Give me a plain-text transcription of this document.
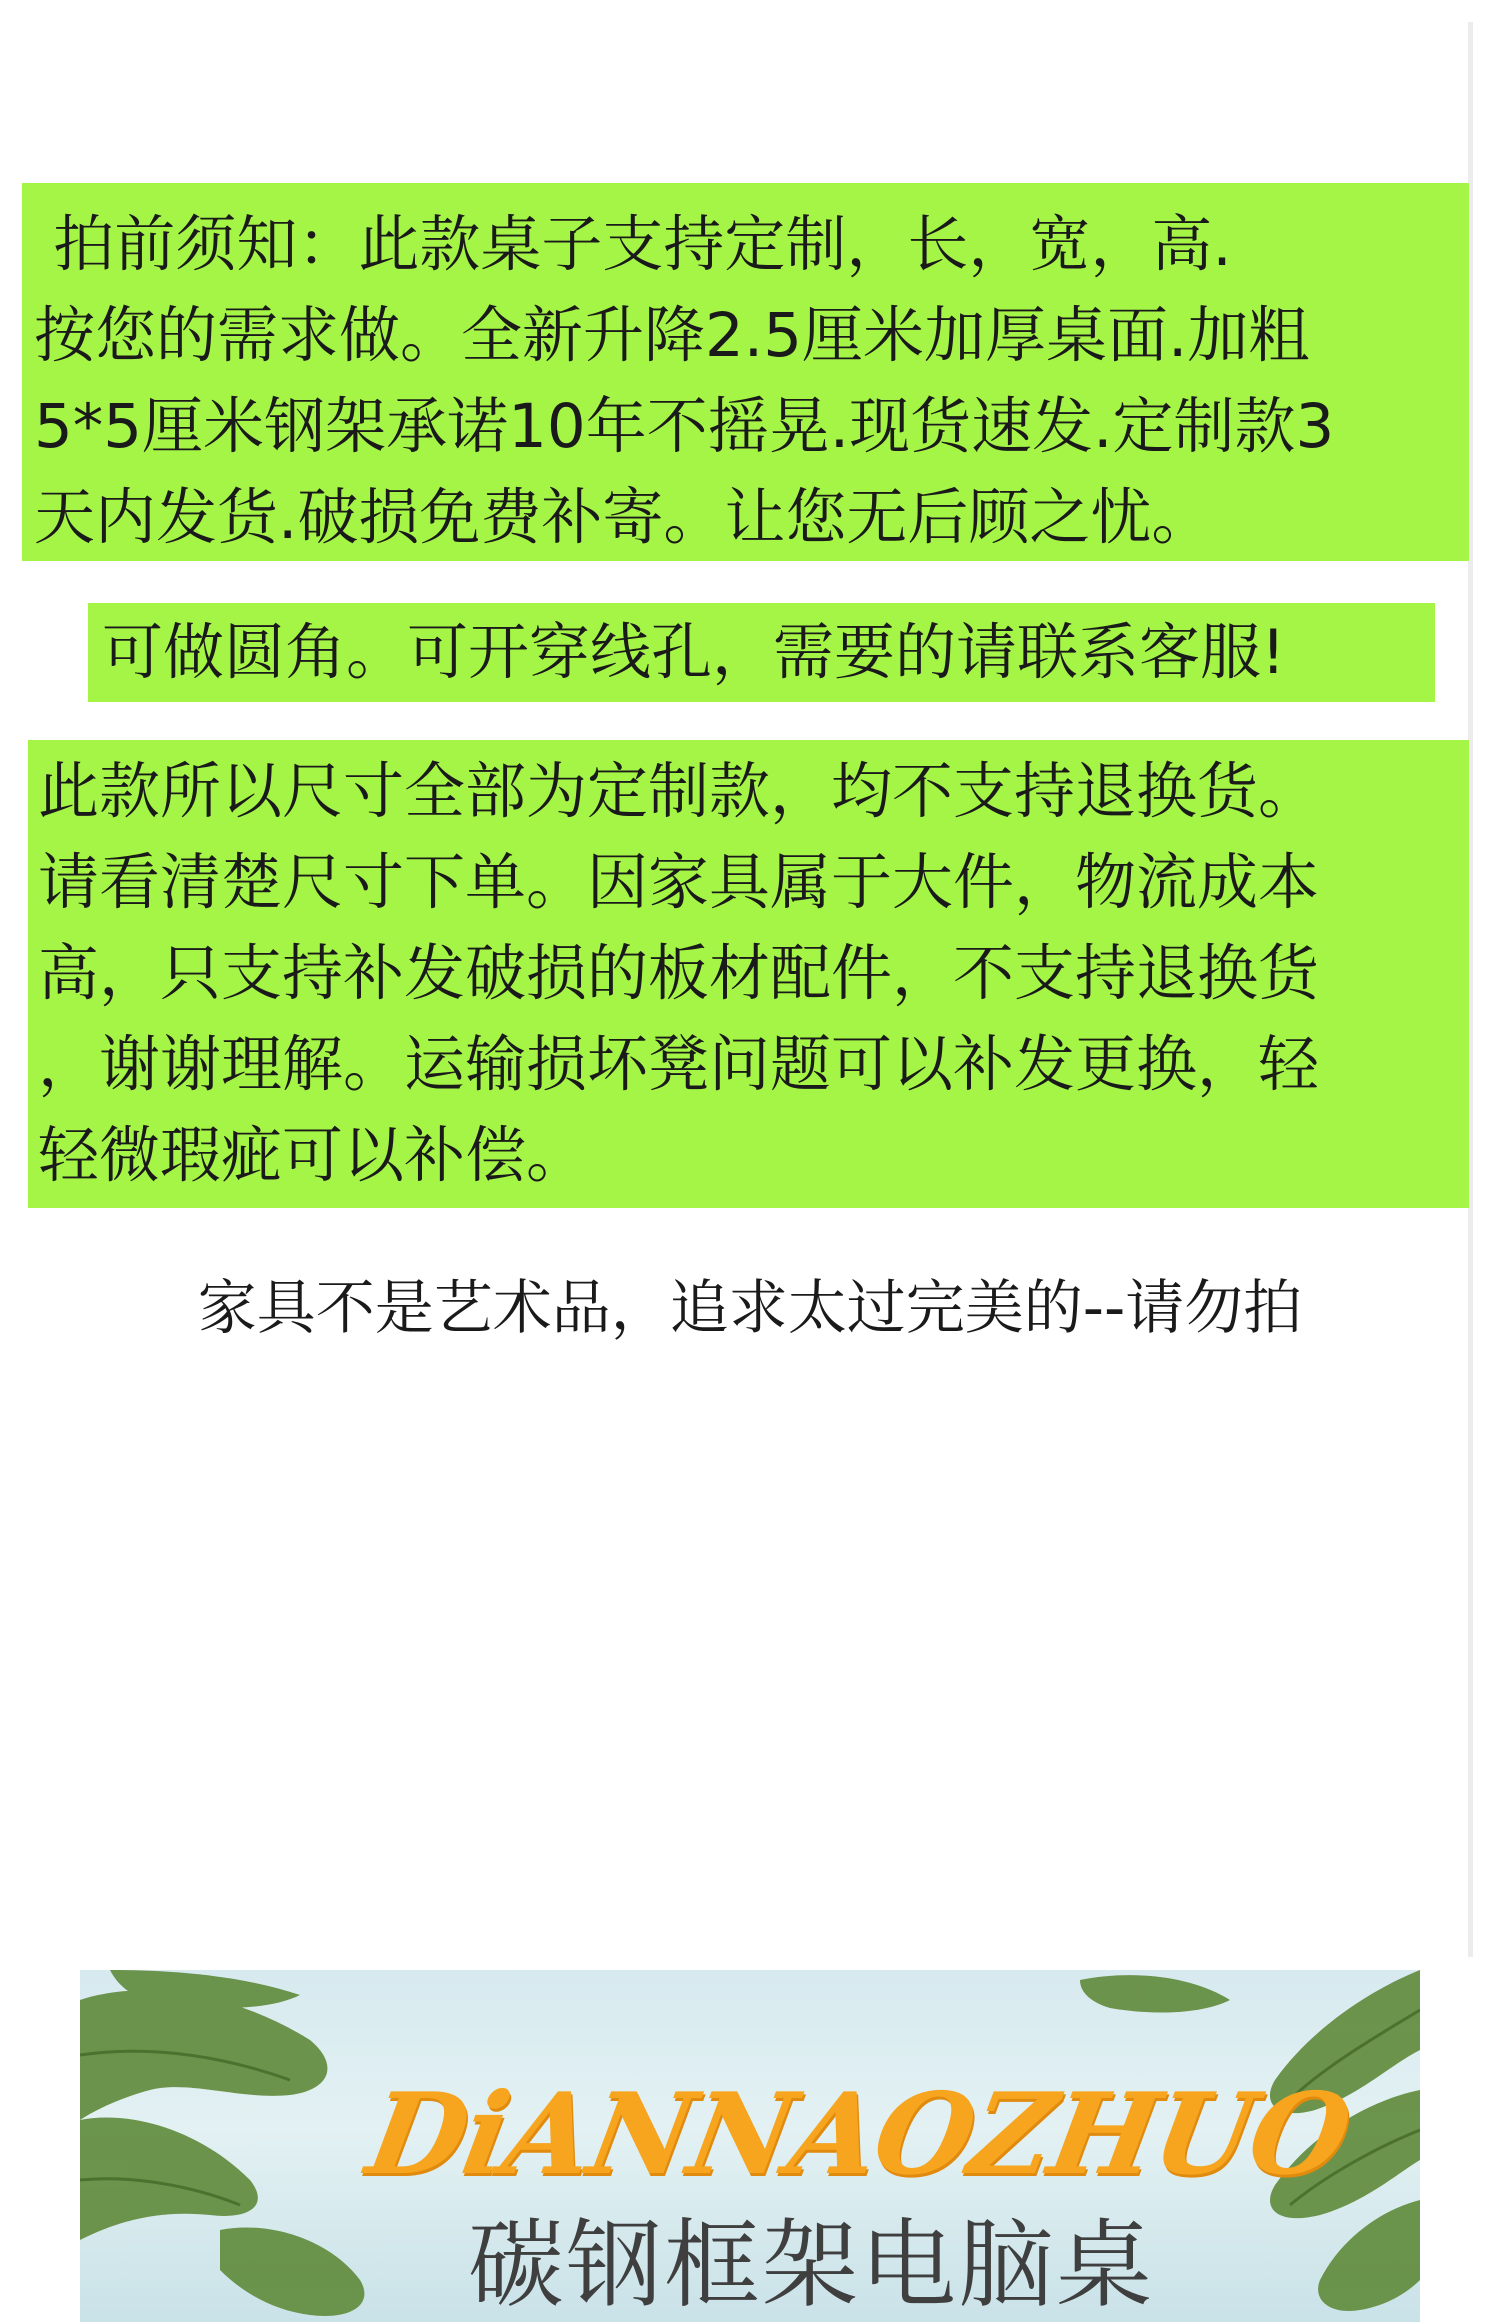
拍前须知：此款桌子支持定制，长，宽，高.

按您的需求做。全新升降2.5厘米加厚桌面.加粗

5*5厘米钢架承诺10年不摇晃.现货速发.定制款3

天内发货.破损免费补寄。让您无后顾之忧。

可做圆角。可开穿线孔，需要的请联系客服!

此款所以尺寸全部为定制款，均不支持退换货。

请看清楚尺寸下单。因家具属于大件，物流成本

高，只支持补发破损的板材配件，不支持退换货

，谢谢理解。运输损坏凳问题可以补发更换，轻

轻微瑕疵可以补偿。

家具不是艺术品，追求太过完美的--请勿拍

DiANNAOZHUO
碳钢框架电脑桌
